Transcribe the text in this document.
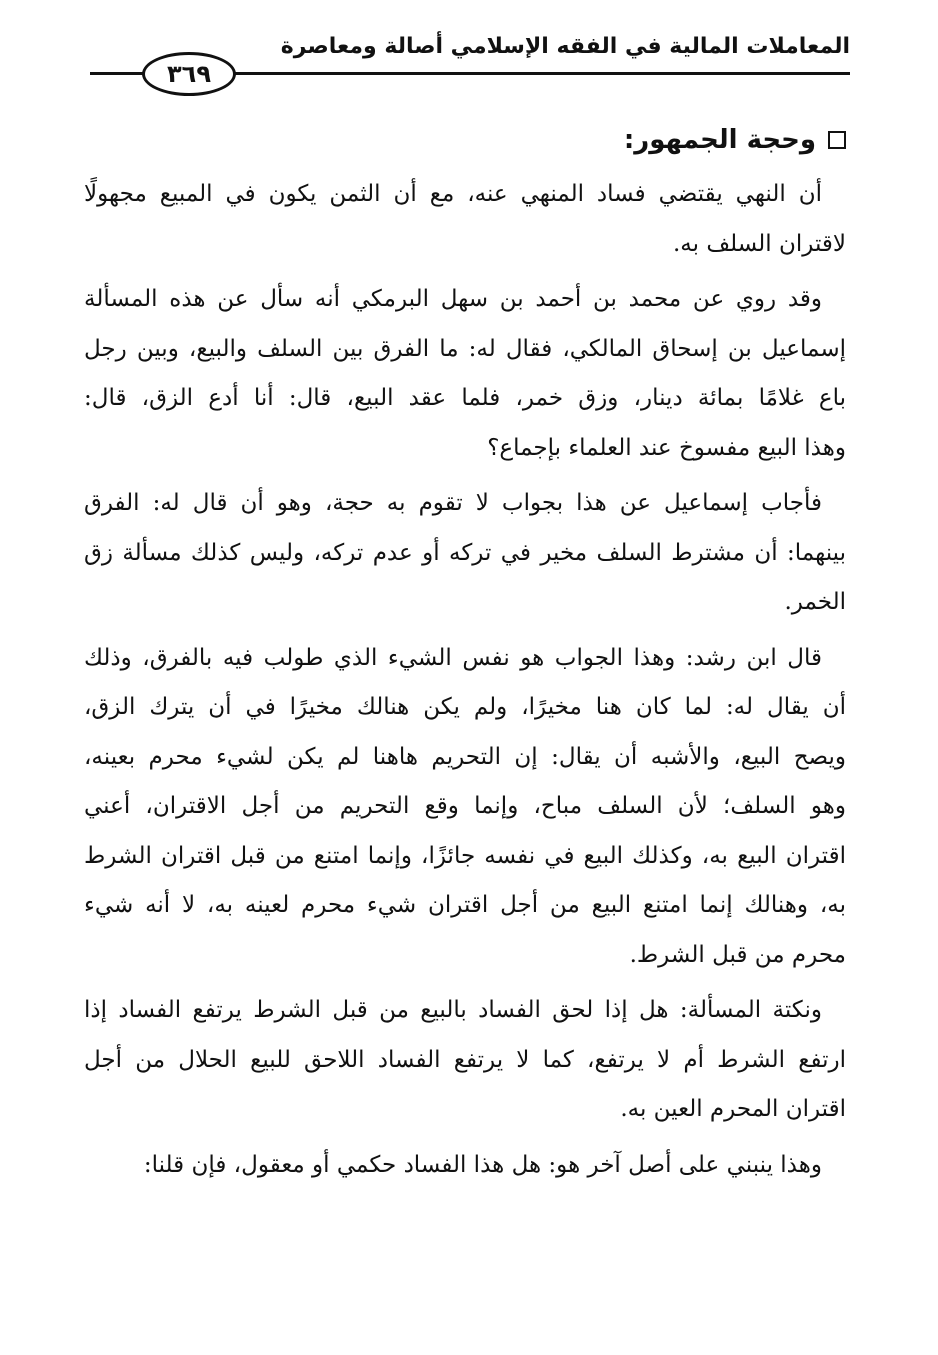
المعاملات المالية في الفقه الإسلامي أصالة ومعاصرة
٣٦٩
وحجة الجمهور:

أن النهي يقتضي فساد المنهي عنه، مع أن الثمن يكون في المبيع مجهولًا
لاقتران السلف به.

وقد روي عن محمد بن أحمد بن سهل البرمكي أنه سأل عن هذه المسألة
إسماعيل بن إسحاق المالكي، فقال له: ما الفرق بين السلف والبيع، وبين رجل
باع غلامًا بمائة دينار، وزق خمر، فلما عقد البيع، قال: أنا أدع الزق، قال:
وهذا البيع مفسوخ عند العلماء بإجماع؟

فأجاب إسماعيل عن هذا بجواب لا تقوم به حجة، وهو أن قال له: الفرق
بينهما: أن مشترط السلف مخير في تركه أو عدم تركه، وليس كذلك مسألة زق
الخمر.

قال ابن رشد: وهذا الجواب هو نفس الشيء الذي طولب فيه بالفرق، وذلك
أن يقال له: لما كان هنا مخيرًا، ولم يكن هنالك مخيرًا في أن يترك الزق،
ويصح البيع، والأشبه أن يقال: إن التحريم هاهنا لم يكن لشيء محرم بعينه،
وهو السلف؛ لأن السلف مباح، وإنما وقع التحريم من أجل الاقتران، أعني
اقتران البيع به، وكذلك البيع في نفسه جائزًا، وإنما امتنع من قبل اقتران الشرط
به، وهنالك إنما امتنع البيع من أجل اقتران شيء محرم لعينه به، لا أنه شيء
محرم من قبل الشرط.

ونكتة المسألة: هل إذا لحق الفساد بالبيع من قبل الشرط يرتفع الفساد إذا
ارتفع الشرط أم لا يرتفع، كما لا يرتفع الفساد اللاحق للبيع الحلال من أجل
اقتران المحرم العين به.

وهذا ينبني على أصل آخر هو: هل هذا الفساد حكمي أو معقول، فإن قلنا:
